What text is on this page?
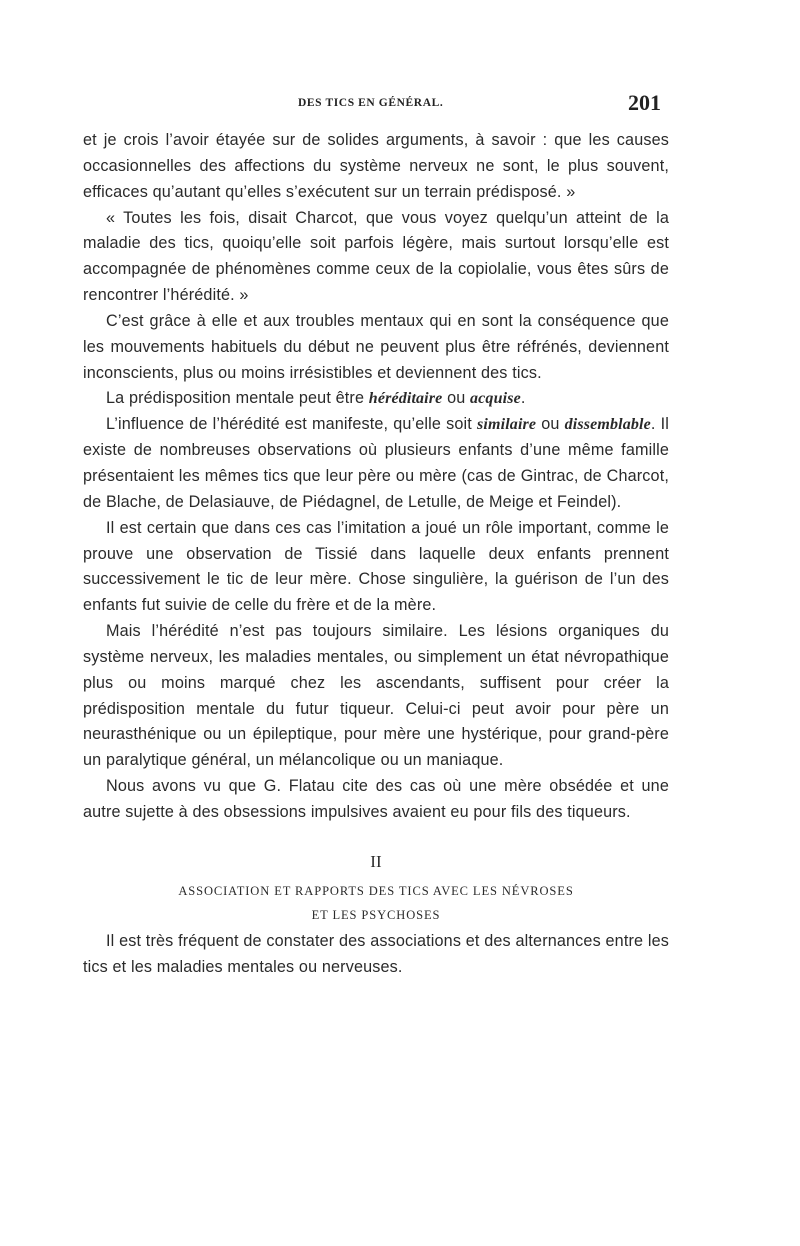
DES TICS EN GÉNÉRAL.	201

et je crois l’avoir étayée sur de solides arguments, à savoir : que les causes occasionnelles des affections du système nerveux ne sont, le plus souvent, efficaces qu’autant qu’elles s’exécutent sur un terrain prédisposé. »

« Toutes les fois, disait Charcot, que vous voyez quelqu’un atteint de la maladie des tics, quoiqu’elle soit parfois légère, mais surtout lorsqu’elle est accompagnée de phénomènes comme ceux de la copiolalie, vous êtes sûrs de rencontrer l’hérédité. »

C’est grâce à elle et aux troubles mentaux qui en sont la conséquence que les mouvements habituels du début ne peuvent plus être réfrénés, deviennent inconscients, plus ou moins irrésistibles et deviennent des tics.

La prédisposition mentale peut être héréditaire ou acquise.

L’influence de l’hérédité est manifeste, qu’elle soit similaire ou dissemblable. Il existe de nombreuses observations où plusieurs enfants d’une même famille présentaient les mêmes tics que leur père ou mère (cas de Gintrac, de Charcot, de Blache, de Delasiauve, de Piédagnel, de Letulle, de Meige et Feindel).

Il est certain que dans ces cas l’imitation a joué un rôle important, comme le prouve une observation de Tissié dans laquelle deux enfants prennent successivement le tic de leur mère. Chose singulière, la guérison de l’un des enfants fut suivie de celle du frère et de la mère.

Mais l’hérédité n’est pas toujours similaire. Les lésions organiques du système nerveux, les maladies mentales, ou simplement un état névropathique plus ou moins marqué chez les ascendants, suffisent pour créer la prédisposition mentale du futur tiqueur. Celui-ci peut avoir pour père un neurasthénique ou un épileptique, pour mère une hystérique, pour grand-père un paralytique général, un mélancolique ou un maniaque.

Nous avons vu que G. Flatau cite des cas où une mère obsédée et une autre sujette à des obsessions impulsives avaient eu pour fils des tiqueurs.

II
ASSOCIATION ET RAPPORTS DES TICS AVEC LES NÉVROSES
ET LES PSYCHOSES

Il est très fréquent de constater des associations et des alternances entre les tics et les maladies mentales ou nerveuses.
